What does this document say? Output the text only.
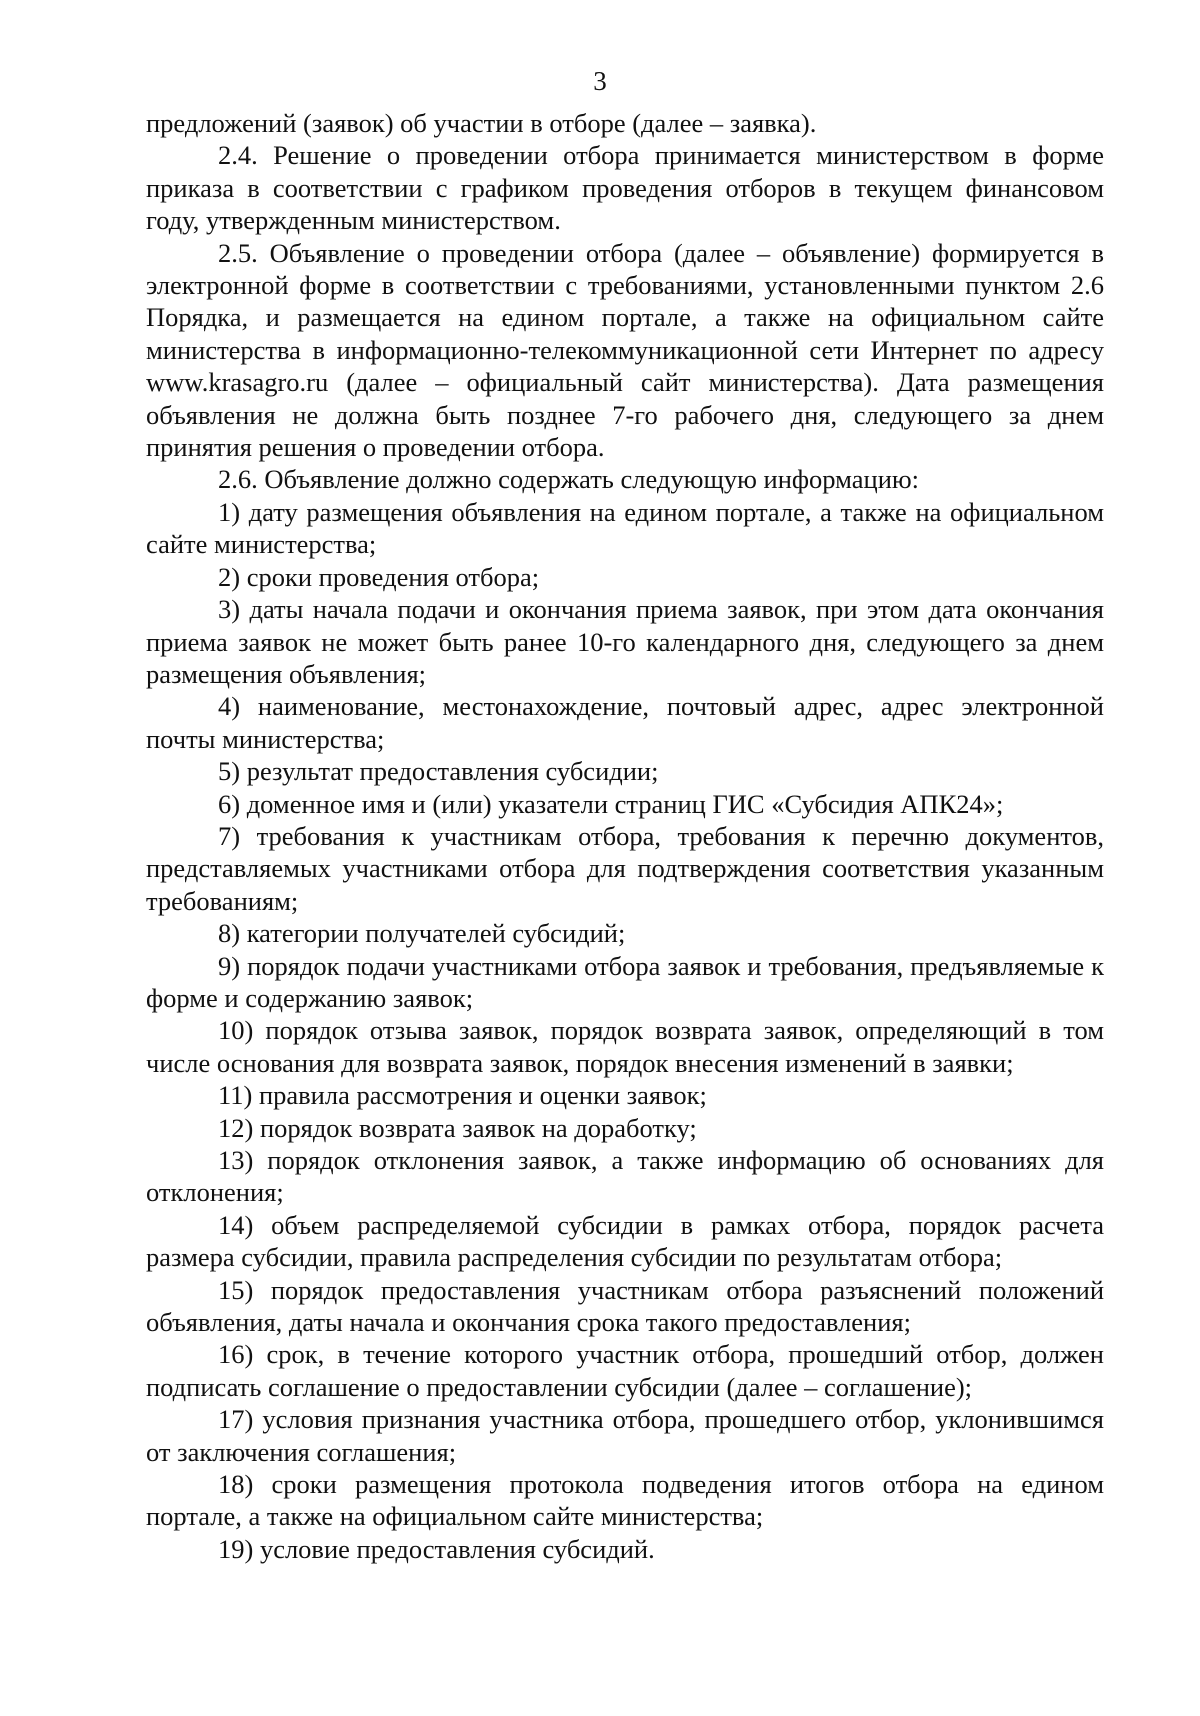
3

предложений (заявок) об участии в отборе (далее – заявка).

2.4. Решение о проведении отбора принимается министерством в форме приказа в соответствии с графиком проведения отборов в текущем финансовом году, утвержденным министерством.

2.5. Объявление о проведении отбора (далее – объявление) формируется в электронной форме в соответствии с требованиями, установленными пунктом 2.6 Порядка, и размещается на едином портале, а также на официальном сайте министерства в информационно-телекоммуникационной сети Интернет по адресу www.krasagro.ru (далее – официальный сайт министерства). Дата размещения объявления не должна быть позднее 7-го рабочего дня, следующего за днем принятия решения о проведении отбора.

2.6. Объявление должно содержать следующую информацию:

1) дату размещения объявления на едином портале, а также на официальном сайте министерства;

2) сроки проведения отбора;

3) даты начала подачи и окончания приема заявок, при этом дата окончания приема заявок не может быть ранее 10-го календарного дня, следующего за днем размещения объявления;

4) наименование, местонахождение, почтовый адрес, адрес электронной почты министерства;

5) результат предоставления субсидии;

6) доменное имя и (или) указатели страниц ГИС «Субсидия АПК24»;

7) требования к участникам отбора, требования к перечню документов, представляемых участниками отбора для подтверждения соответствия указанным требованиям;

8) категории получателей субсидий;

9) порядок подачи участниками отбора заявок и требования, предъявляемые к форме и содержанию заявок;

10) порядок отзыва заявок, порядок возврата заявок, определяющий в том числе основания для возврата заявок, порядок внесения изменений в заявки;

11) правила рассмотрения и оценки заявок;

12) порядок возврата заявок на доработку;

13) порядок отклонения заявок, а также информацию об основаниях для отклонения;

14) объем распределяемой субсидии в рамках отбора, порядок расчета размера субсидии, правила распределения субсидии по результатам отбора;

15) порядок предоставления участникам отбора разъяснений положений объявления, даты начала и окончания срока такого предоставления;

16) срок, в течение которого участник отбора, прошедший отбор, должен подписать соглашение о предоставлении субсидии (далее – соглашение);

17) условия признания участника отбора, прошедшего отбор, уклонившимся от заключения соглашения;

18) сроки размещения протокола подведения итогов отбора на едином портале, а также на официальном сайте министерства;

19) условие предоставления субсидий.
